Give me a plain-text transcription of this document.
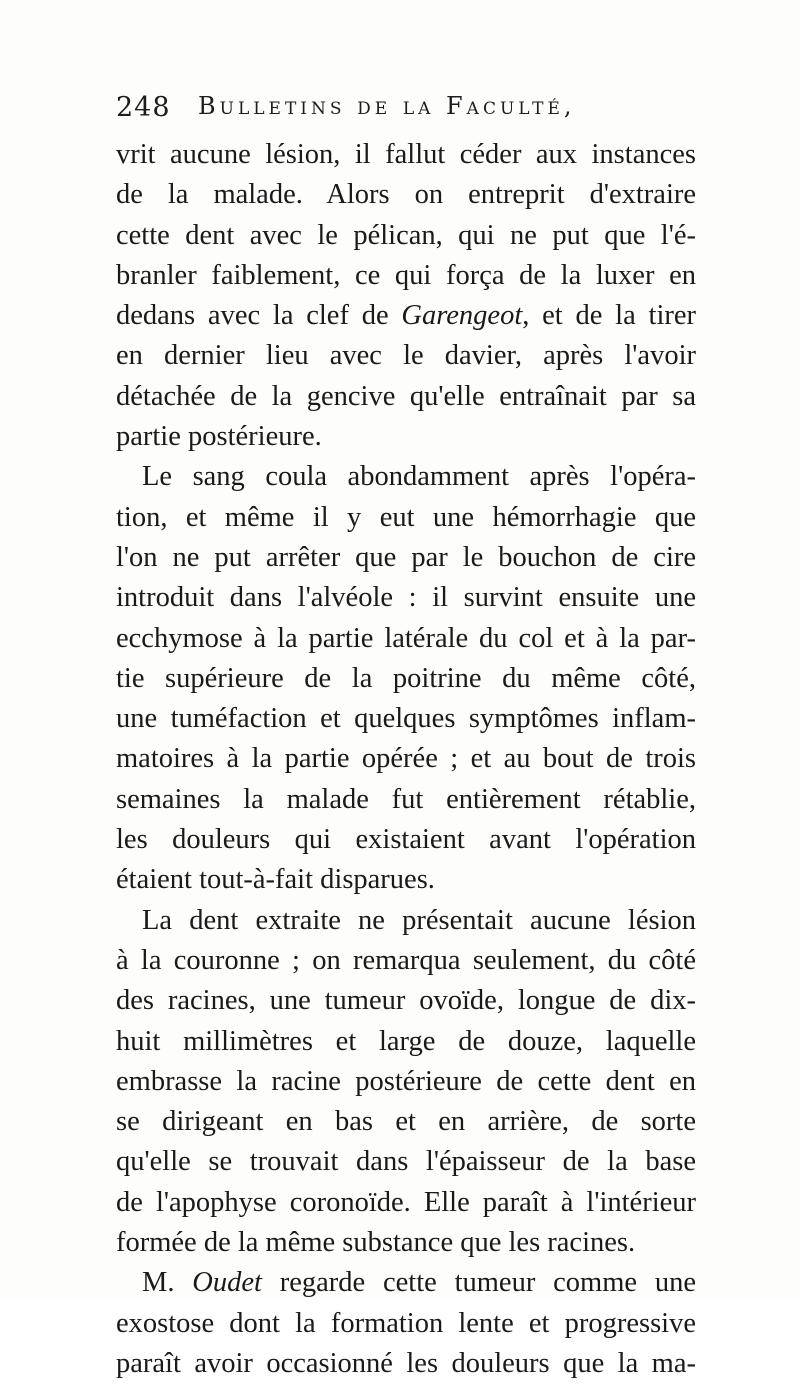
248 Bulletins de la Faculté,
vrit aucune lésion, il fallut céder aux instances
de la malade. Alors on entreprit d'extraire
cette dent avec le pélican, qui ne put que l'é-
branler faiblement, ce qui força de la luxer en
dedans avec la clef de Garengeot, et de la tirer
en dernier lieu avec le davier, après l'avoir
détachée de la gencive qu'elle entraînait par sa
partie postérieure.
Le sang coula abondamment après l'opéra-
tion, et même il y eut une hémorrhagie que
l'on ne put arrêter que par le bouchon de cire
introduit dans l'alvéole : il survint ensuite une
ecchymose à la partie latérale du col et à la par-
tie supérieure de la poitrine du même côté,
une tuméfaction et quelques symptômes inflam-
matoires à la partie opérée ; et au bout de trois
semaines la malade fut entièrement rétablie,
les douleurs qui existaient avant l'opération
étaient tout-à-fait disparues.
La dent extraite ne présentait aucune lésion
à la couronne ; on remarqua seulement, du côté
des racines, une tumeur ovoïde, longue de dix-
huit millimètres et large de douze, laquelle
embrasse la racine postérieure de cette dent en
se dirigeant en bas et en arrière, de sorte
qu'elle se trouvait dans l'épaisseur de la base
de l'apophyse coronoïde. Elle paraît à l'intérieur
formée de la même substance que les racines.
M. Oudet regarde cette tumeur comme une
exostose dont la formation lente et progressive
paraît avoir occasionné les douleurs que la ma-
